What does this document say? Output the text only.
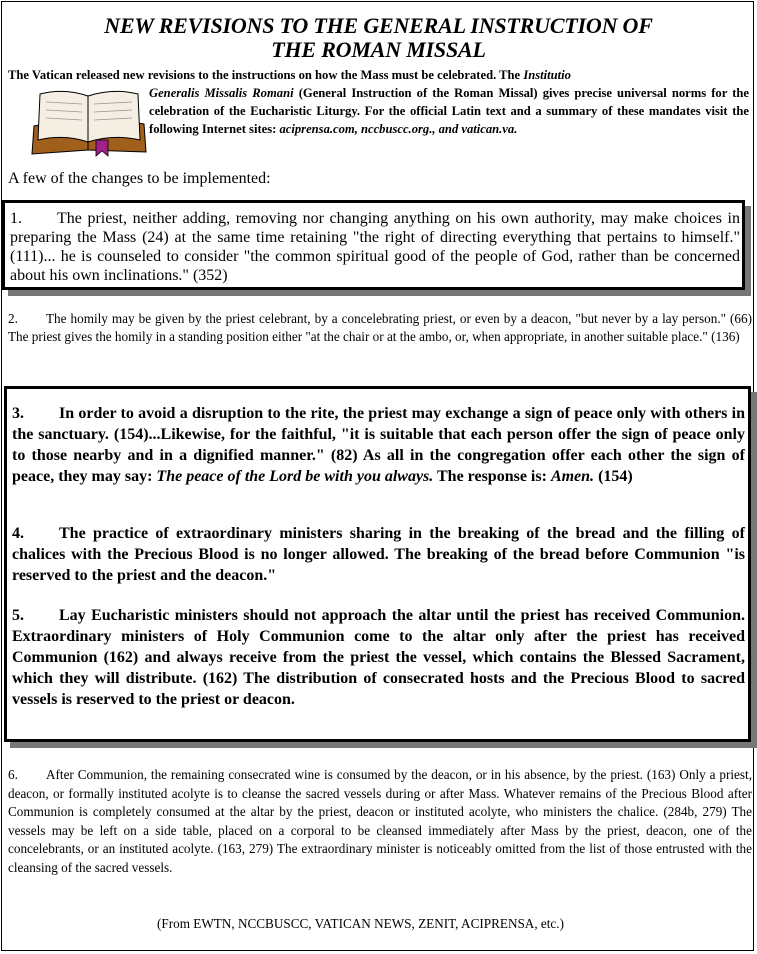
NEW REVISIONS TO THE GENERAL INSTRUCTION OF
THE ROMAN MISSAL
The Vatican released new revisions to the instructions on how the Mass must be celebrated. The Institutio
Generalis Missalis Romani (General Instruction of the Roman Missal) gives precise universal norms for the celebration of the Eucharistic Liturgy. For the official Latin text and a summary of these mandates visit the following Internet sites: aciprensa.com, nccbuscc.org., and vatican.va.
A few of the changes to be implemented:

1. The priest, neither adding, removing nor changing anything on his own authority, may make choices in preparing the Mass (24) at the same time retaining "the right of directing everything that pertains to himself." (111)... he is counseled to consider "the common spiritual good of the people of God, rather than be concerned about his own inclinations." (352)

2. The homily may be given by the priest celebrant, by a concelebrating priest, or even by a deacon, "but never by a lay person." (66) The priest gives the homily in a standing position either "at the chair or at the ambo, or, when appropriate, in another suitable place." (136)

3. In order to avoid a disruption to the rite, the priest may exchange a sign of peace only with others in the sanctuary. (154)...Likewise, for the faithful, "it is suitable that each person offer the sign of peace only to those nearby and in a dignified manner." (82) As all in the congregation offer each other the sign of peace, they may say: The peace of the Lord be with you always. The response is: Amen. (154)

4. The practice of extraordinary ministers sharing in the breaking of the bread and the filling of chalices with the Precious Blood is no longer allowed. The breaking of the bread before Communion "is reserved to the priest and the deacon."

5. Lay Eucharistic ministers should not approach the altar until the priest has received Communion. Extraordinary ministers of Holy Communion come to the altar only after the priest has received Communion (162) and always receive from the priest the vessel, which contains the Blessed Sacrament, which they will distribute. (162) The distribution of consecrated hosts and the Precious Blood to sacred vessels is reserved to the priest or deacon.

6. After Communion, the remaining consecrated wine is consumed by the deacon, or in his absence, by the priest. (163) Only a priest, deacon, or formally instituted acolyte is to cleanse the sacred vessels during or after Mass. Whatever remains of the Precious Blood after Communion is completely consumed at the altar by the priest, deacon or instituted acolyte, who ministers the chalice. (284b, 279) The vessels may be left on a side table, placed on a corporal to be cleansed immediately after Mass by the priest, deacon, one of the concelebrants, or an instituted acolyte. (163, 279) The extraordinary minister is noticeably omitted from the list of those entrusted with the cleansing of the sacred vessels.

(From EWTN, NCCBUSCC, VATICAN NEWS, ZENIT, ACIPRENSA, etc.)
